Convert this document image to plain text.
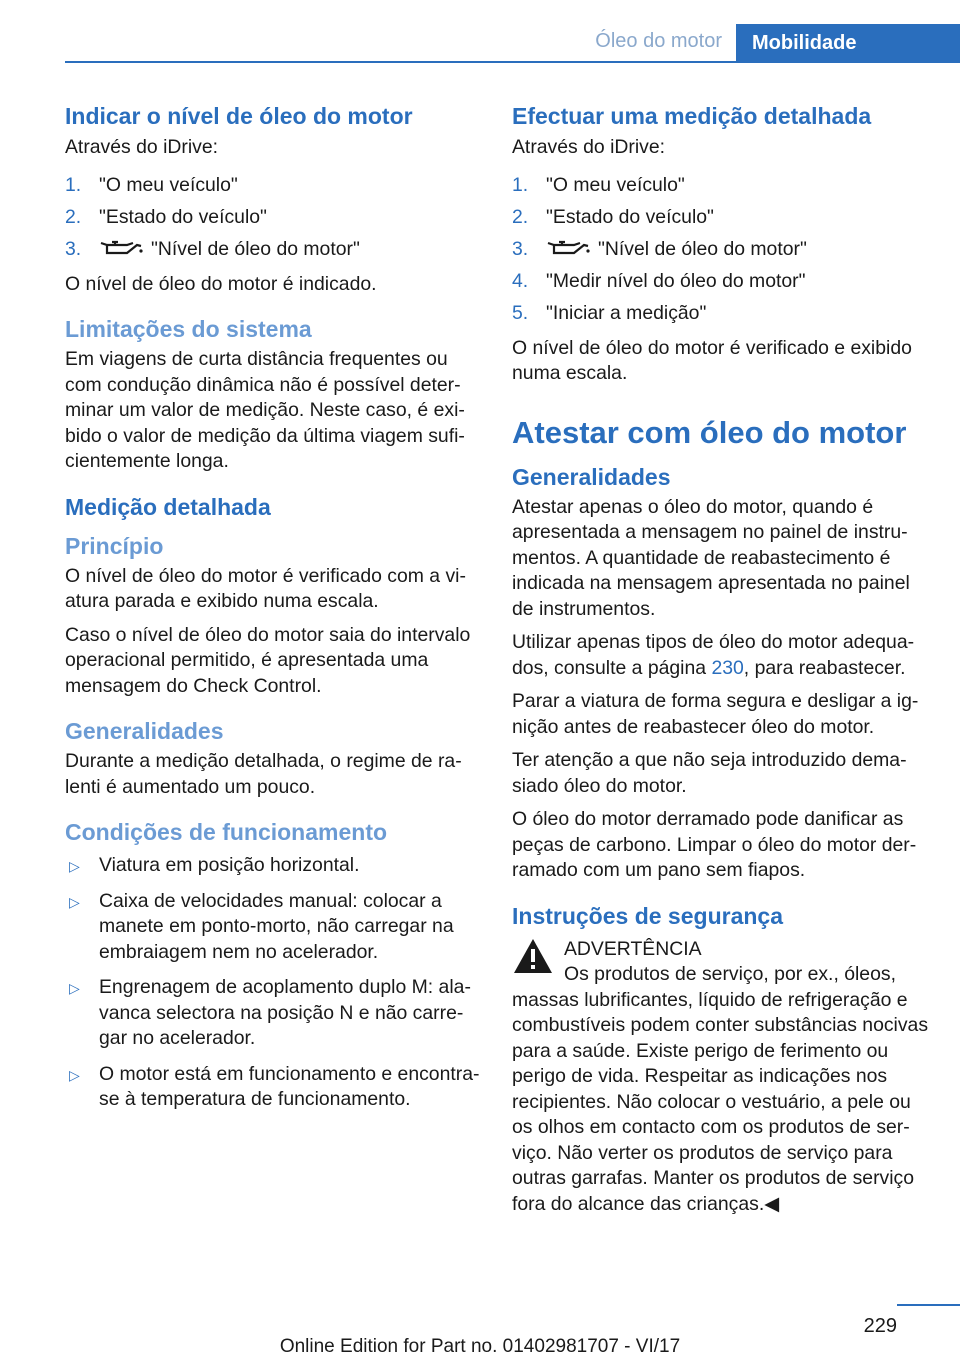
Óleo do motor	Mobilidade
Indicar o nível de óleo do motor

Através do iDrive:

1. "O meu veículo"
2. "Estado do veículo"
3.	"Nível de óleo do motor"

O nível de óleo do motor é indicado.

Limitações do sistema

Em viagens de curta distância frequentes ou com condução dinâmica não é possível determinar um valor de medição. Neste caso, é exibido o valor de medição da última viagem suficientemente longa.

Medição detalhada
Princípio

O nível de óleo do motor é verificado com a viatura parada e exibido numa escala.

Caso o nível de óleo do motor saia do intervalo operacional permitido, é apresentada uma mensagem do Check Control.

Generalidades

Durante a medição detalhada, o regime de ralenti é aumentado um pouco.

Condições de funcionamento
▷ Viatura em posição horizontal.
▷ Caixa de velocidades manual: colocar a manete em ponto-morto, não carregar na embraiagem nem no acelerador.
▷ Engrenagem de acoplamento duplo M: alavanca selectora na posição N e não carregar no acelerador.
▷ O motor está em funcionamento e encontra-se à temperatura de funcionamento.
Efectuar uma medição detalhada

Através do iDrive:

1. "O meu veículo"
2. "Estado do veículo"
3.	"Nível de óleo do motor"
4. "Medir nível do óleo do motor"
5. "Iniciar a medição"

O nível de óleo do motor é verificado e exibido numa escala.

Atestar com óleo do motor
Generalidades

Atestar apenas o óleo do motor, quando é apresentada a mensagem no painel de instrumentos. A quantidade de reabastecimento é indicada na mensagem apresentada no painel de instrumentos.

Utilizar apenas tipos de óleo do motor adequados, consulte a página 230, para reabastecer.

Parar a viatura de forma segura e desligar a ignição antes de reabastecer óleo do motor.

Ter atenção a que não seja introduzido demasiado óleo do motor.

O óleo do motor derramado pode danificar as peças de carbono. Limpar o óleo do motor derramado com um pano sem fiapos.

Instruções de segurança
ADVERTÊNCIA
Os produtos de serviço, por ex., óleos,

massas lubrificantes, líquido de refrigeração e combustíveis podem conter substâncias nocivas para a saúde. Existe perigo de ferimento ou perigo de vida. Respeitar as indicações nos recipientes. Não colocar o vestuário, a pele ou os olhos em contacto com os produtos de serviço. Não verter os produtos de serviço para outras garrafas. Manter os produtos de serviço fora do alcance das crianças.◀

229
Online Edition for Part no. 01402981707 - VI/17
